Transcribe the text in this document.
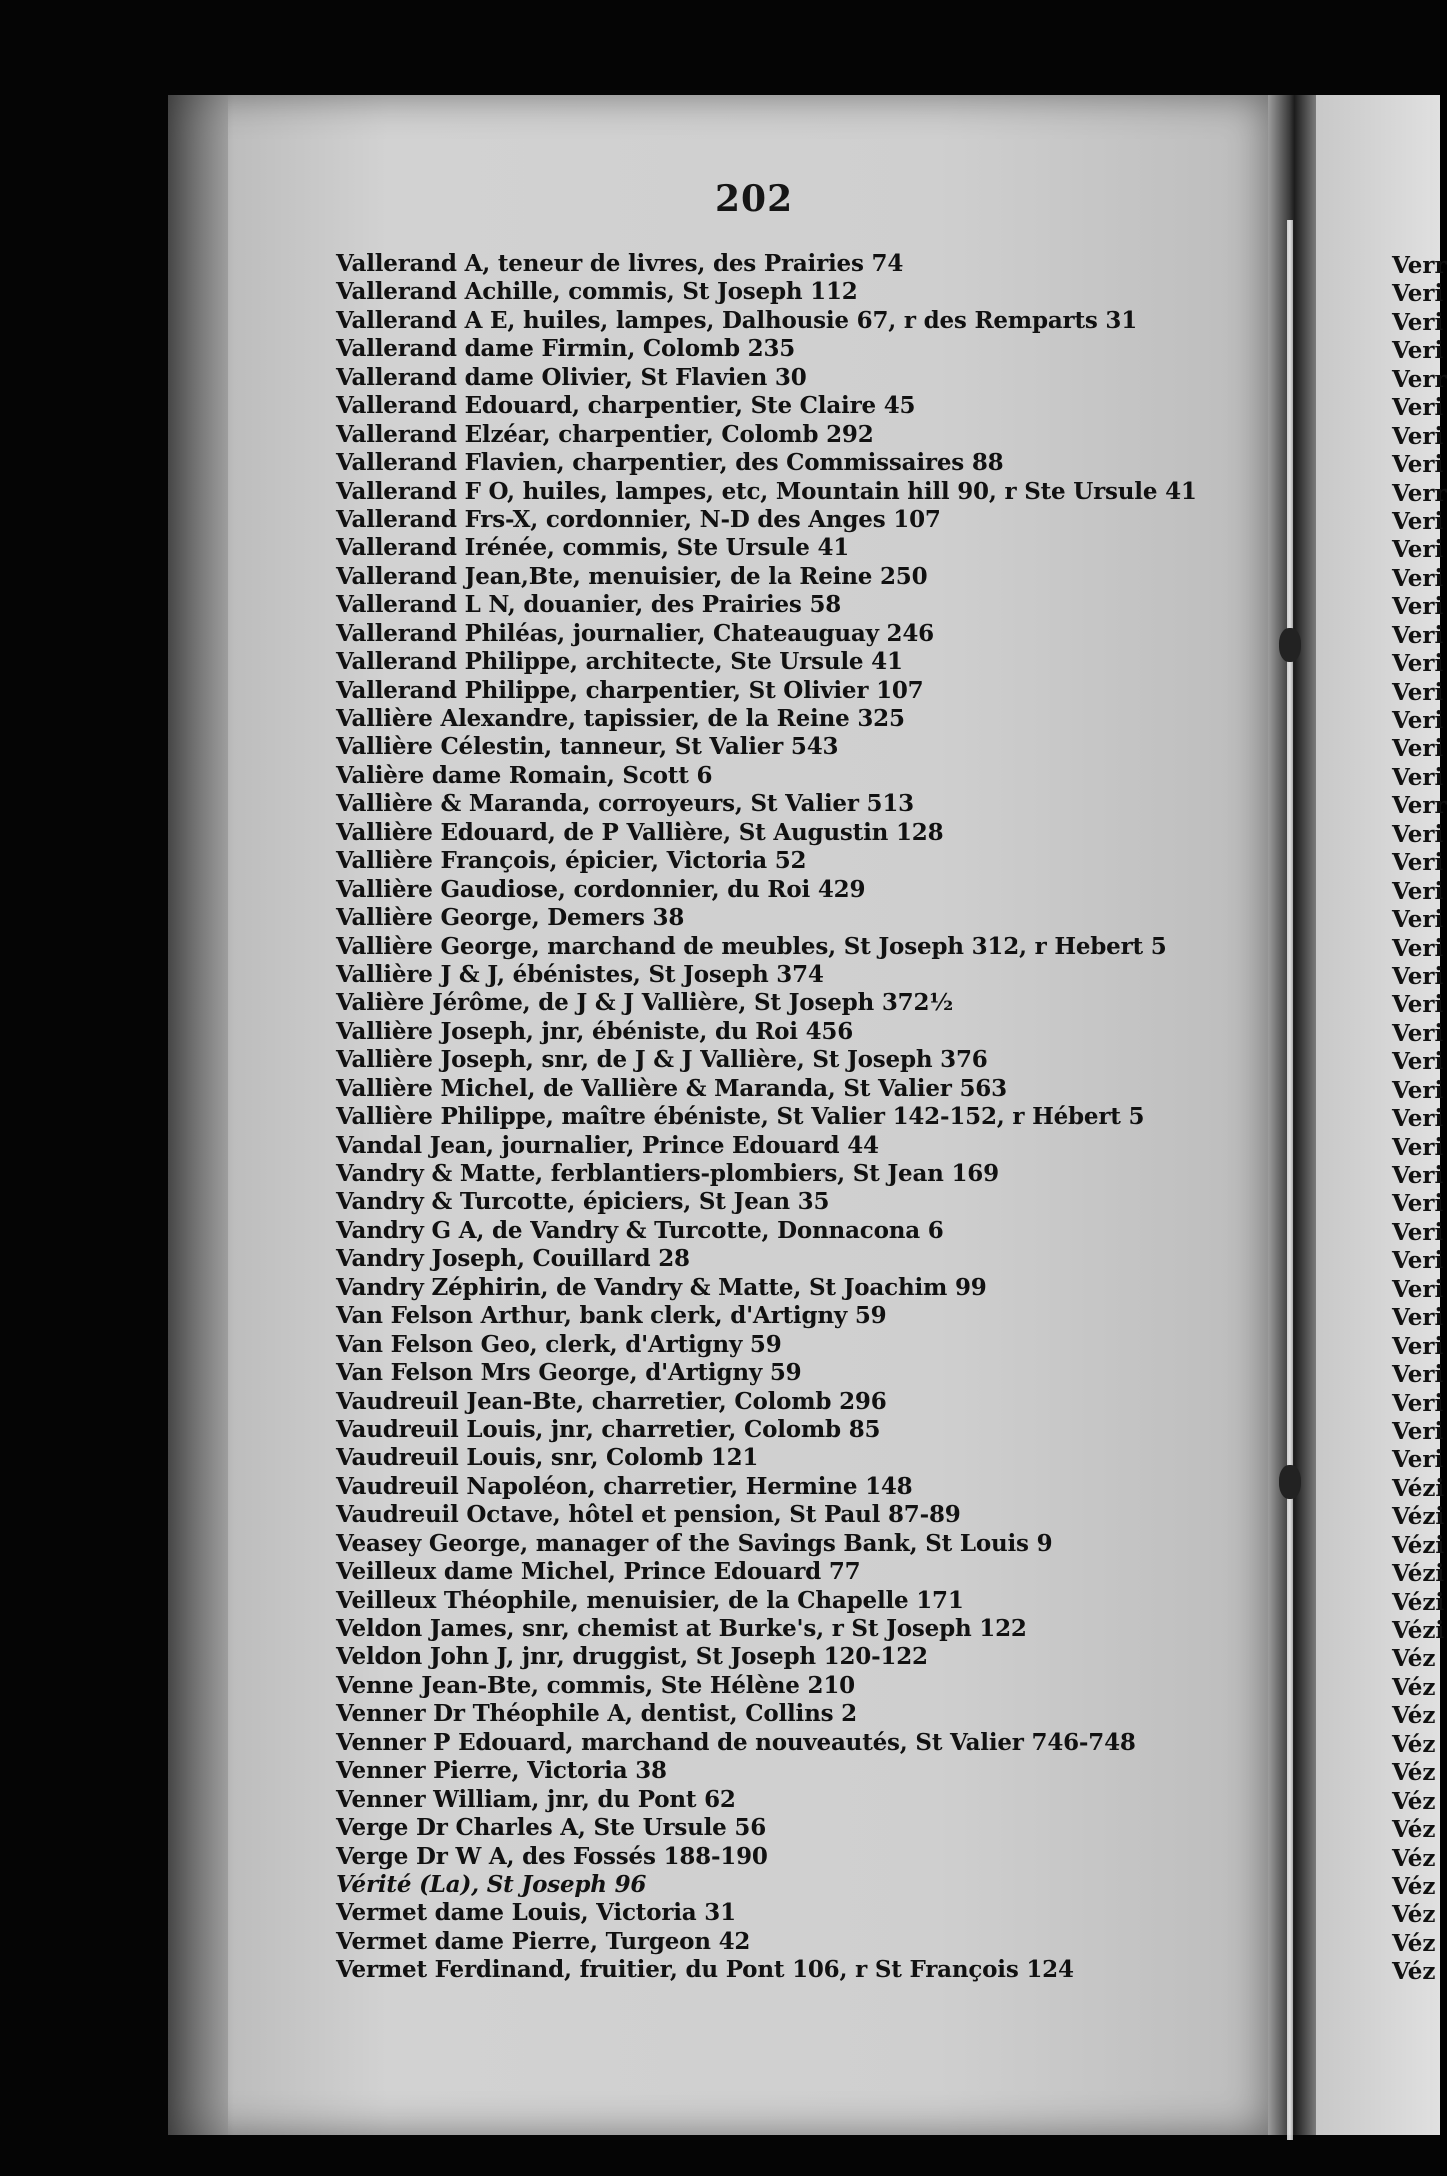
202
Vallerand A, teneur de livres, des Prairies 74
Vallerand Achille, commis, St Joseph 112
Vallerand A E, huiles, lampes, Dalhousie 67, r des Remparts 31
Vallerand dame Firmin, Colomb 235
Vallerand dame Olivier, St Flavien 30
Vallerand Edouard, charpentier, Ste Claire 45
Vallerand Elzéar, charpentier, Colomb 292
Vallerand Flavien, charpentier, des Commissaires 88
Vallerand F O, huiles, lampes, etc, Mountain hill 90, r Ste Ursule 41
Vallerand Frs-X, cordonnier, N-D des Anges 107
Vallerand Irénée, commis, Ste Ursule 41
Vallerand Jean,Bte, menuisier, de la Reine 250
Vallerand L N, douanier, des Prairies 58
Vallerand Philéas, journalier, Chateauguay 246
Vallerand Philippe, architecte, Ste Ursule 41
Vallerand Philippe, charpentier, St Olivier 107
Vallière Alexandre, tapissier, de la Reine 325
Vallière Célestin, tanneur, St Valier 543
Valière dame Romain, Scott 6
Vallière & Maranda, corroyeurs, St Valier 513
Vallière Edouard, de P Vallière, St Augustin 128
Vallière François, épicier, Victoria 52
Vallière Gaudiose, cordonnier, du Roi 429
Vallière George, Demers 38
Vallière George, marchand de meubles, St Joseph 312, r Hebert 5
Vallière J & J, ébénistes, St Joseph 374
Valière Jérôme, de J & J Vallière, St Joseph 372½
Vallière Joseph, jnr, ébéniste, du Roi 456
Vallière Joseph, snr, de J & J Vallière, St Joseph 376
Vallière Michel, de Vallière & Maranda, St Valier 563
Vallière Philippe, maître ébéniste, St Valier 142-152, r Hébert 5
Vandal Jean, journalier, Prince Edouard 44
Vandry & Matte, ferblantiers-plombiers, St Jean 169
Vandry & Turcotte, épiciers, St Jean 35
Vandry G A, de Vandry & Turcotte, Donnacona 6
Vandry Joseph, Couillard 28
Vandry Zéphirin, de Vandry & Matte, St Joachim 99
Van Felson Arthur, bank clerk, d'Artigny 59
Van Felson Geo, clerk, d'Artigny 59
Van Felson Mrs George, d'Artigny 59
Vaudreuil Jean-Bte, charretier, Colomb 296
Vaudreuil Louis, jnr, charretier, Colomb 85
Vaudreuil Louis, snr, Colomb 121
Vaudreuil Napoléon, charretier, Hermine 148
Vaudreuil Octave, hôtel et pension, St Paul 87-89
Veasey George, manager of the Savings Bank, St Louis 9
Veilleux dame Michel, Prince Edouard 77
Veilleux Théophile, menuisier, de la Chapelle 171
Veldon James, snr, chemist at Burke's, r St Joseph 122
Veldon John J, jnr, druggist, St Joseph 120-122
Venne Jean-Bte, commis, Ste Hélène 210
Venner Dr Théophile A, dentist, Collins 2
Venner P Edouard, marchand de nouveautés, St Valier 746-748
Venner Pierre, Victoria 38
Venner William, jnr, du Pont 62
Verge Dr Charles A, Ste Ursule 56
Verge Dr W A, des Fossés 188-190
Vérité (La), St Joseph 96
Vermet dame Louis, Victoria 31
Vermet dame Pierre, Turgeon 42
Vermet Ferdinand, fruitier, du Pont 106, r St François 124
Verr
Veri
Veri
Veri
Verr
Veri
Veri
Veri
Verr
Veri
Veri
Veri
Veri
Veri
Veri
Veri
Veri
Veri
Veri
Verr
Veri
Veri
Veri
Veri
Veri
Veri
Veri
Veri
Veri
Veri
Veri
Veri
Veri
Veri
Veri
Veri
Veri
Veri
Veri
Veri
Veri
Veri
Veri
Vézi
Vézi
Vézi
Vézi
Vézi
Vézi
Véz
Véz
Véz
Véz
Véz
Véz
Véz
Véz
Véz
Véz
Véz
Véz
